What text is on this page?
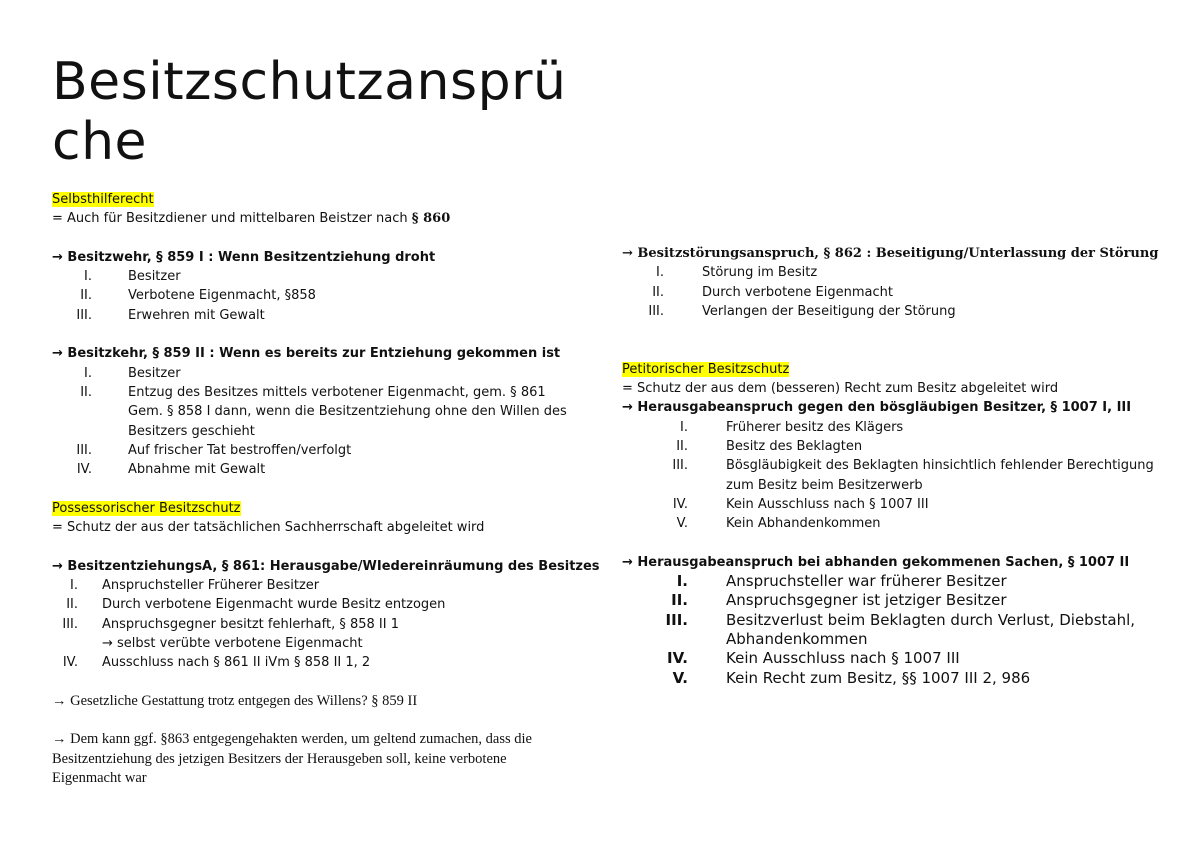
Besitzschutzansprü che
Selbsthilferecht
= Auch für Besitzdiener und mittelbaren Beistzer nach § 860
→ Besitzwehr, § 859 I : Wenn Besitzentziehung droht
I.	Besitzer
II.	Verbotene Eigenmacht, §858
III.	Erwehren mit Gewalt
→ Besitzkehr, § 859 II : Wenn es bereits zur Entziehung gekommen ist
I.	Besitzer
II.	Entzug des Besitzes mittels verbotener Eigenmacht, gem. § 861
Gem. § 858 I dann, wenn die Besitzentziehung ohne den Willen des
Besitzers geschieht
III.	Auf frischer Tat bestroffen/verfolgt
IV.	Abnahme mit Gewalt
Possessorischer Besitzschutz
= Schutz der aus der tatsächlichen Sachherrschaft abgeleitet wird
→ BesitzentziehungsA, § 861: Herausgabe/WIedereinräumung des Besitzes
I.	Anspruchsteller Früherer Besitzer
II.	Durch verbotene Eigenmacht wurde Besitz entzogen
III.	Anspruchsgegner besitzt fehlerhaft, § 858 II 1
→ selbst verübte verbotene Eigenmacht
IV.	Ausschluss nach § 861 II iVm § 858 II 1, 2
→ Gesetzliche Gestattung trotz entgegen des Willens? § 859 II
→ Dem kann ggf. §863 entgegengehakten werden, um geltend zumachen, dass die
Besitzentziehung des jetzigen Besitzers der Herausgeben soll, keine verbotene
Eigenmacht war
→ Besitzstörungsanspruch, § 862 : Beseitigung/Unterlassung der Störung
I.	Störung im Besitz
II.	Durch verbotene Eigenmacht
III.	Verlangen der Beseitigung der Störung
Petitorischer Besitzschutz
= Schutz der aus dem (besseren) Recht zum Besitz abgeleitet wird
→ Herausgabeanspruch gegen den bösgläubigen Besitzer, § 1007 I, III
I.	Früherer besitz des Klägers
II.	Besitz des Beklagten
III.	Bösgläubigkeit des Beklagten hinsichtlich fehlender Berechtigung
zum Besitz beim Besitzerwerb
IV.	Kein Ausschluss nach § 1007 III
V.	Kein Abhandenkommen
→ Herausgabeanspruch bei abhanden gekommenen Sachen, § 1007 II
I.	Anspruchsteller war früherer Besitzer
II.	Anspruchsgegner ist jetziger Besitzer
III.	Besitzverlust beim Beklagten durch Verlust, Diebstahl,
Abhandenkommen
IV.	Kein Ausschluss nach § 1007 III
V.	Kein Recht zum Besitz, §§ 1007 III 2, 986
